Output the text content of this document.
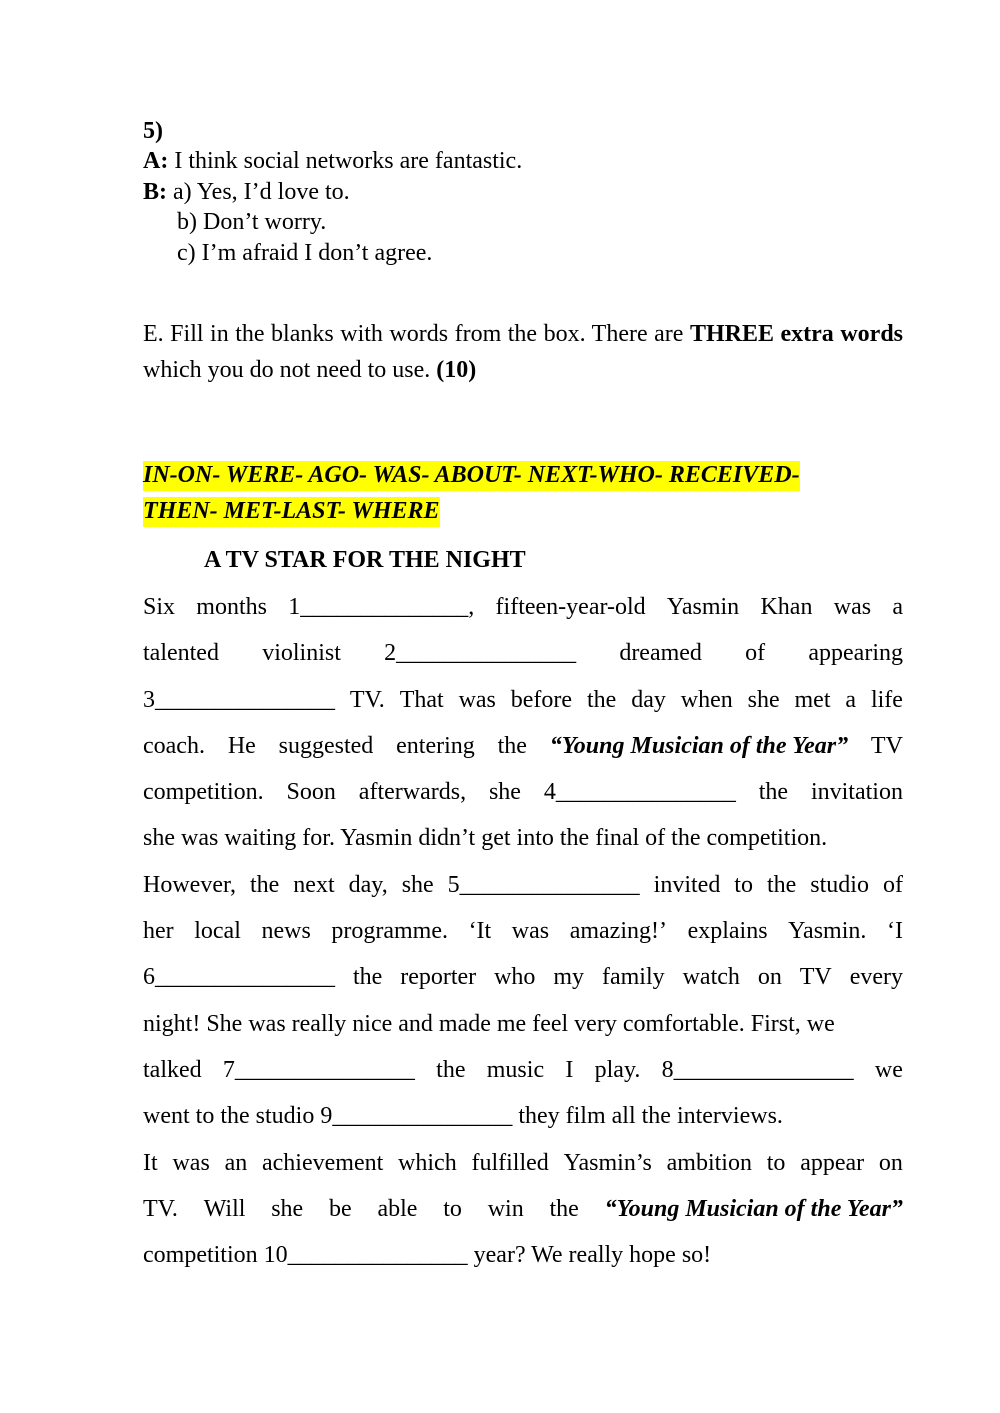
5)
A: I think social networks are fantastic.
B: a) Yes, I’d love to.
b) Don’t worry.
c) I’m afraid I don’t agree.
E. Fill in the blanks with words from the box. There are THREE extra words which you do not need to use. (10)
IN-ON- WERE- AGO- WAS- ABOUT- NEXT-WHO- RECEIVED-
THEN- MET-LAST- WHERE
A TV STAR FOR THE NIGHT
Six months 1______________, fifteen-year-old Yasmin Khan was a
talented violinist 2_______________ dreamed of appearing
3_______________ TV. That was before the day when she met a life
coach. He suggested entering the “Young Musician of the Year” TV
competition. Soon afterwards, she 4_______________ the invitation
she was waiting for. Yasmin didn’t get into the final of the competition.
However, the next day, she 5_______________ invited to the studio of
her local news programme. ‘It was amazing!’ explains Yasmin. ‘I
6_______________ the reporter who my family watch on TV every
night! She was really nice and made me feel very comfortable. First, we
talked 7_______________ the music I play. 8_______________ we
went to the studio 9_______________ they film all the interviews.
It was an achievement which fulfilled Yasmin’s ambition to appear on
TV. Will she be able to win the “Young Musician of the Year”
competition 10_______________ year? We really hope so!
